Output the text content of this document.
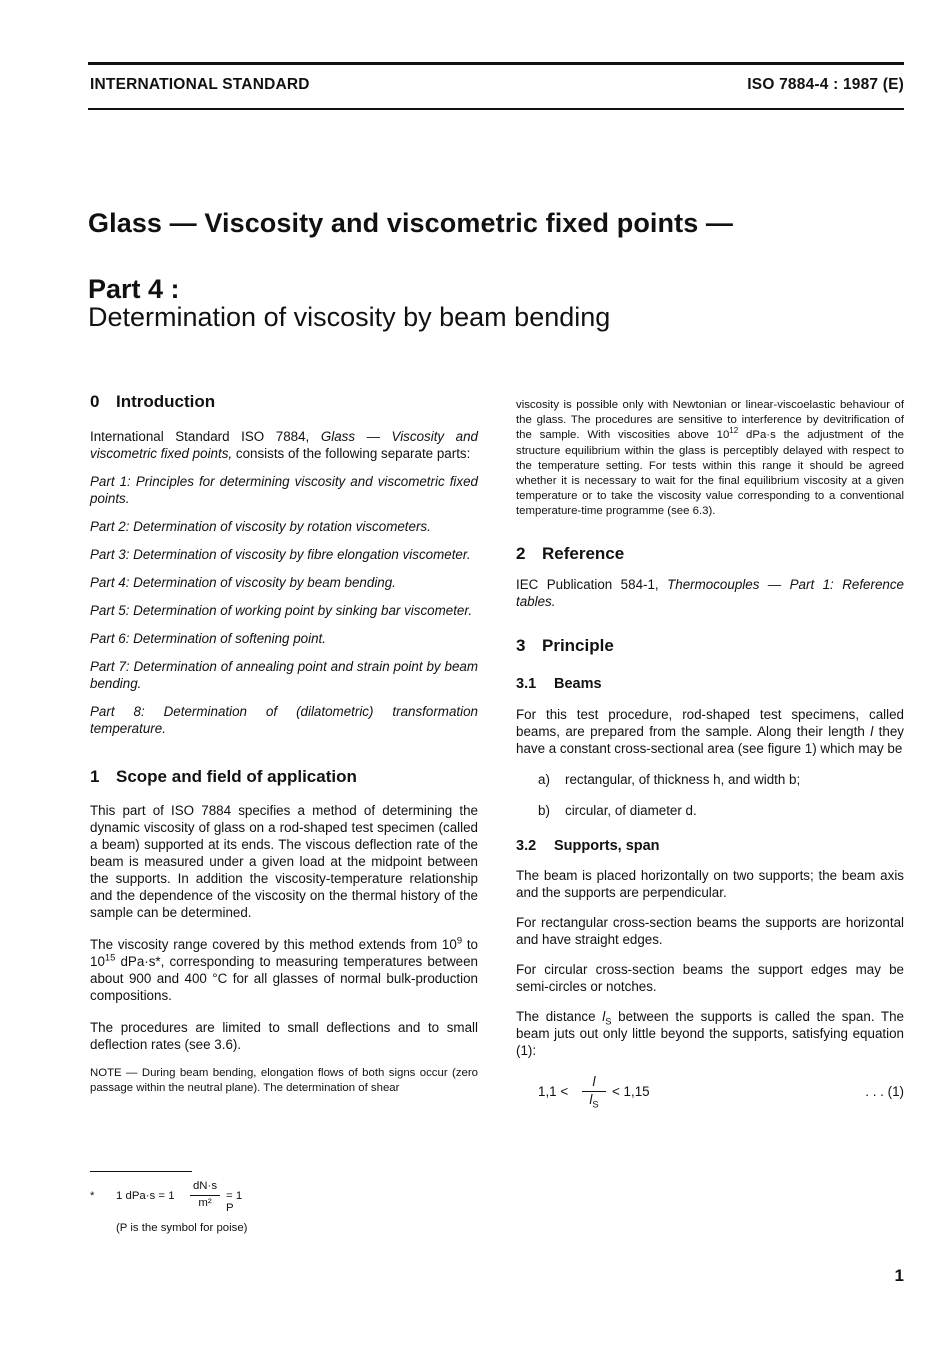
INTERNATIONAL STANDARD	ISO 7884-4 : 1987 (E)
Glass — Viscosity and viscometric fixed points —
Part 4 :
Determination of viscosity by beam bending
0 Introduction

International Standard ISO 7884, Glass — Viscosity and viscometric fixed points, consists of the following separate parts:

Part 1: Principles for determining viscosity and viscometric fixed points.

Part 2: Determination of viscosity by rotation viscometers.

Part 3: Determination of viscosity by fibre elongation viscometer.

Part 4: Determination of viscosity by beam bending.

Part 5: Determination of working point by sinking bar viscometer.

Part 6: Determination of softening point.

Part 7: Determination of annealing point and strain point by beam bending.

Part 8: Determination of (dilatometric) transformation temperature.

1 Scope and field of application

This part of ISO 7884 specifies a method of determining the dynamic viscosity of glass on a rod-shaped test specimen (called a beam) supported at its ends. The viscous deflection rate of the beam is measured under a given load at the midpoint between the supports. In addition the viscosity-temperature relationship and the dependence of the viscosity on the thermal history of the sample can be determined.

The viscosity range covered by this method extends from $10^9$ to $10^{15}$ dPa·s*, corresponding to measuring temperatures between about 900 and 400 °C for all glasses of normal bulk-production compositions.

The procedures are limited to small deflections and to small deflection rates (see 3.6).

NOTE — During beam bending, elongation flows of both signs occur (zero passage within the neutral plane). The determination of shear

viscosity is possible only with Newtonian or linear-viscoelastic behaviour of the glass. The procedures are sensitive to interference by devitrification of the sample. With viscosities above $10^{12}$ dPa·s the adjustment of the structure equilibrium within the glass is perceptibly delayed with respect to the temperature setting. For tests within this range it should be agreed whether it is necessary to wait for the final equilibrium viscosity at a given temperature or to take the viscosity value corresponding to a conventional temperature-time programme (see 6.3).

2 Reference

IEC Publication 584-1, Thermocouples — Part 1: Reference tables.

3 Principle
3.1 Beams

For this test procedure, rod-shaped test specimens, called beams, are prepared from the sample. Along their length l they have a constant cross-sectional area (see figure 1) which may be

a) rectangular, of thickness h, and width b;
b) circular, of diameter d.
3.2 Supports, span

The beam is placed horizontally on two supports; the beam axis and the supports are perpendicular.

For rectangular cross-section beams the supports are horizontal and have straight edges.

For circular cross-section beams the support edges may be semi-circles or notches.

The distance $l_S$ between the supports is called the span. The beam juts out only little beyond the supports, satisfying equation (1):

1,1 <
l
$l_S$
< 1,15	. . . (1)
* 1 dPa·s = 1
dN·s
m²
= 1 P
(P is the symbol for poise)
1
